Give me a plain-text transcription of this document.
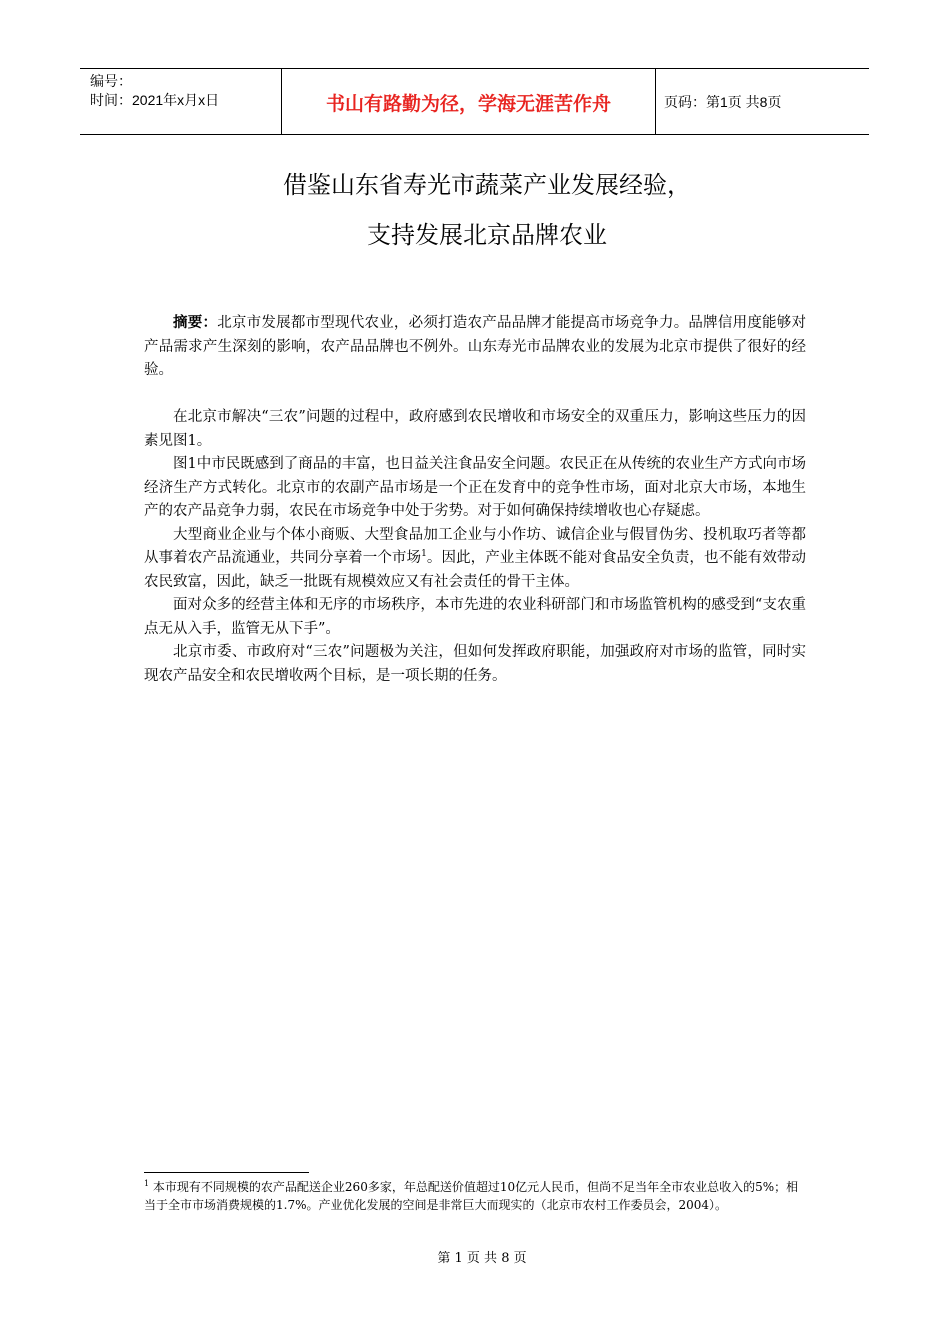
编号：
时间：2021年x月x日	书山有路勤为径，学海无涯苦作舟	页码：第1页 共8页
借鉴山东省寿光市蔬菜产业发展经验，
支持发展北京品牌农业

摘要：北京市发展都市型现代农业，必须打造农产品品牌才能提高市场竞争力。品牌信用度能够对产品需求产生深刻的影响，农产品品牌也不例外。山东寿光市品牌农业的发展为北京市提供了很好的经验。

在北京市解决“三农”问题的过程中，政府感到农民增收和市场安全的双重压力，影响这些压力的因素见图1。

图1中市民既感到了商品的丰富，也日益关注食品安全问题。农民正在从传统的农业生产方式向市场经济生产方式转化。北京市的农副产品市场是一个正在发育中的竞争性市场，面对北京大市场，本地生产的农产品竞争力弱，农民在市场竞争中处于劣势。对于如何确保持续增收也心存疑虑。

大型商业企业与个体小商贩、大型食品加工企业与小作坊、诚信企业与假冒伪劣、投机取巧者等都从事着农产品流通业，共同分享着一个市场$^1$。因此，产业主体既不能对食品安全负责，也不能有效带动农民致富，因此，缺乏一批既有规模效应又有社会责任的骨干主体。

面对众多的经营主体和无序的市场秩序，本市先进的农业科研部门和市场监管机构的感受到“支农重点无从入手，监管无从下手”。

北京市委、市政府对“三农”问题极为关注，但如何发挥政府职能，加强政府对市场的监管，同时实现农产品安全和农民增收两个目标，是一项长期的任务。

$^1$ 本市现有不同规模的农产品配送企业260多家，年总配送价值超过10亿元人民币，但尚不足当年全市农业总收入的5%；相当于全市市场消费规模的1.7%。产业优化发展的空间是非常巨大而现实的（北京市农村工作委员会，2004）。
第 1 页 共 8 页
